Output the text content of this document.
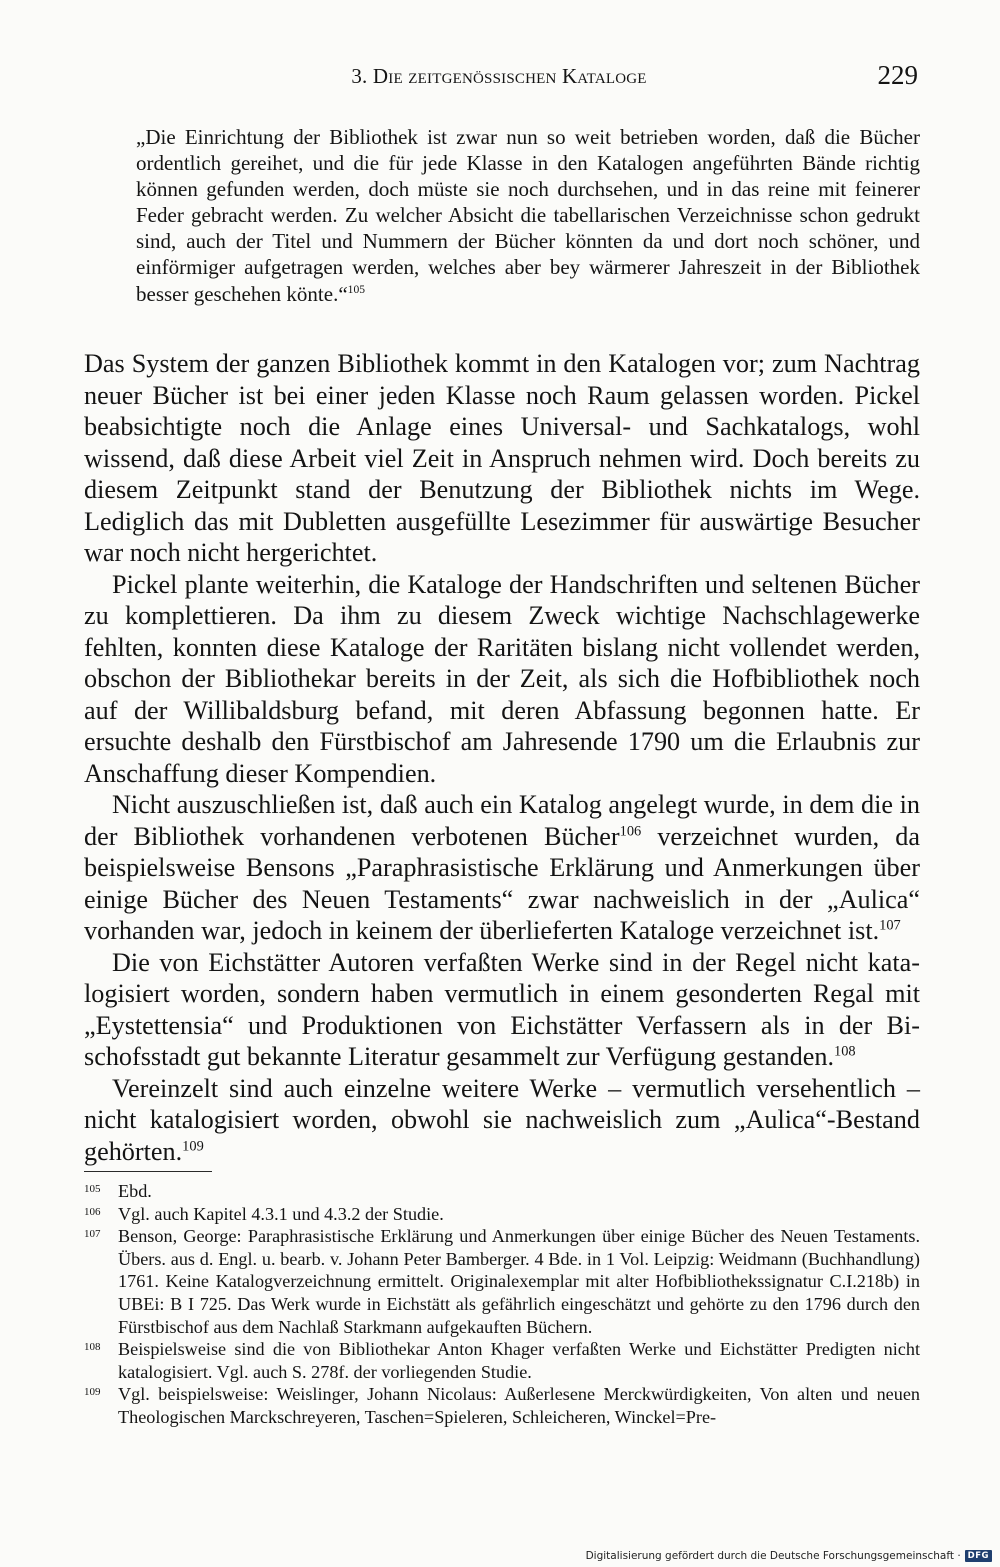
3. Die zeitgenössischen Kataloge	229

„Die Einrichtung der Bibliothek ist zwar nun so weit betrieben worden, daß die Bücher ordentlich gereihet, und die für jede Klasse in den Katalogen angeführten Bände richtig können gefunden werden, doch müste sie noch durchsehen, und in das reine mit feinerer Feder gebracht werden. Zu welcher Absicht die tabellarischen Verzeichnisse schon gedrukt sind, auch der Titel und Nummern der Bücher könnten da und dort noch schöner, und einförmiger aufgetragen werden, welches aber bey wärmerer Jahreszeit in der Bibliothek besser geschehen könte.“$^{105}$

Das System der ganzen Bibliothek kommt in den Katalogen vor; zum Nachtrag neuer Bücher ist bei einer jeden Klasse noch Raum gelassen worden. Pickel beabsichtigte noch die Anlage eines Universal- und Sachkatalogs, wohl wissend, daß diese Arbeit viel Zeit in Anspruch nehmen wird. Doch bereits zu diesem Zeitpunkt stand der Benutzung der Bibliothek nichts im Wege. Lediglich das mit Dubletten ausgefüllte Lesezimmer für auswärtige Besucher war noch nicht hergerichtet.

Pickel plante weiterhin, die Kataloge der Handschriften und seltenen Bücher zu komplettieren. Da ihm zu diesem Zweck wichtige Nachschlagewerke fehlten, konnten diese Kataloge der Raritäten bislang nicht vollendet werden, obschon der Bibliothekar bereits in der Zeit, als sich die Hofbibliothek noch auf der Willibaldsburg befand, mit deren Abfassung begonnen hatte. Er ersuchte deshalb den Fürstbischof am Jahresende 1790 um die Erlaubnis zur Anschaffung dieser Kompendien.

Nicht auszuschließen ist, daß auch ein Katalog angelegt wurde, in dem die in der Bibliothek vorhandenen verbotenen Bücher$^{106}$ verzeichnet wurden, da beispielsweise Bensons „Paraphrasistische Erklärung und Anmerkungen über einige Bücher des Neuen Testaments“ zwar nachweislich in der „Aulica“ vorhanden war, jedoch in keinem der überlieferten Kataloge verzeichnet ist.$^{107}$

Die von Eichstätter Autoren verfaßten Werke sind in der Regel nicht katalogisiert worden, sondern haben vermutlich in einem gesonderten Regal mit „Eystettensia“ und Produktionen von Eichstätter Verfassern als in der Bischofsstadt gut bekannte Literatur gesammelt zur Verfügung gestanden.$^{108}$

Vereinzelt sind auch einzelne weitere Werke – vermutlich versehentlich – nicht katalogisiert worden, obwohl sie nachweislich zum „Aulica“-Bestand gehörten.$^{109}$

105 Ebd.
106 Vgl. auch Kapitel 4.3.1 und 4.3.2 der Studie.
107 Benson, George: Paraphrasistische Erklärung und Anmerkungen über einige Bücher des Neuen Testaments. Übers. aus d. Engl. u. bearb. v. Johann Peter Bamberger. 4 Bde. in 1 Vol. Leipzig: Weidmann (Buchhandlung) 1761. Keine Katalogverzeichnung ermittelt. Originalexemplar mit alter Hofbibliothekssignatur C.I.218b) in UBEi: B I 725. Das Werk wurde in Eichstätt als gefährlich eingeschätzt und gehörte zu den 1796 durch den Fürstbischof aus dem Nachlaß Starkmann aufgekauften Büchern.
108 Beispielsweise sind die von Bibliothekar Anton Khager verfaßten Werke und Eichstätter Predigten nicht katalogisiert. Vgl. auch S. 278f. der vorliegenden Studie.
109 Vgl. beispielsweise: Weislinger, Johann Nicolaus: Außerlesene Merckwürdigkeiten, Von alten und neuen Theologischen Marckschreyeren, Taschen=Spieleren, Schleicheren, Winckel=Pre-
Digitalisierung gefördert durch die Deutsche Forschungsgemeinschaft · DFG
